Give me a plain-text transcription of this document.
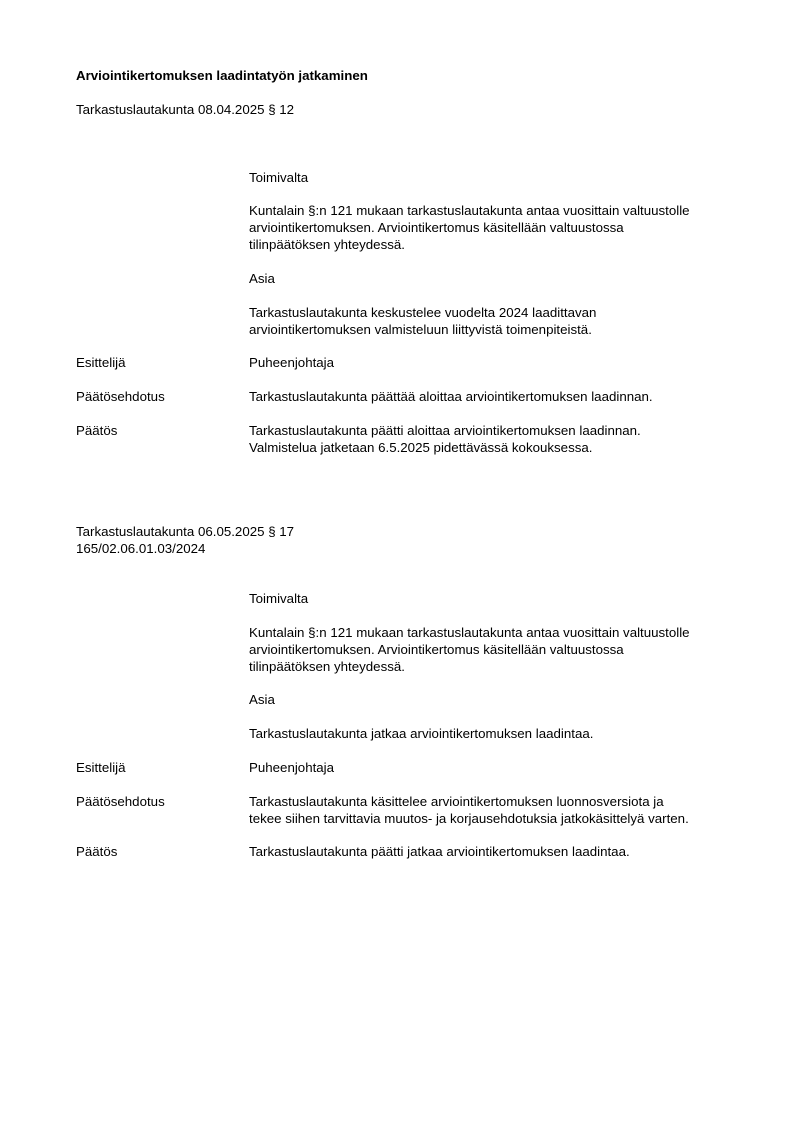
Arviointikertomuksen laadintatyön jatkaminen
Tarkastuslautakunta 08.04.2025 § 12
Toimivalta

Kuntalain §:n 121 mukaan tarkastuslautakunta antaa vuosittain valtuustolle

arviointikertomuksen. Arviointikertomus käsitellään valtuustossa

tilinpäätöksen yhteydessä.

Asia

Tarkastuslautakunta keskustelee vuodelta 2024 laadittavan

arviointikertomuksen valmisteluun liittyvistä toimenpiteistä.

Esittelijä	Puheenjohtaja
Päätösehdotus	Tarkastuslautakunta päättää aloittaa arviointikertomuksen laadinnan.
Päätös	Tarkastuslautakunta päätti aloittaa arviointikertomuksen laadinnan.

Valmistelua jatketaan 6.5.2025 pidettävässä kokouksessa.

Tarkastuslautakunta 06.05.2025 § 17
165/02.06.01.03/2024
Toimivalta

Kuntalain §:n 121 mukaan tarkastuslautakunta antaa vuosittain valtuustolle

arviointikertomuksen. Arviointikertomus käsitellään valtuustossa

tilinpäätöksen yhteydessä.

Asia
Tarkastuslautakunta jatkaa arviointikertomuksen laadintaa.
Esittelijä	Puheenjohtaja
Päätösehdotus	Tarkastuslautakunta käsittelee arviointikertomuksen luonnosversiota ja

tekee siihen tarvittavia muutos- ja korjausehdotuksia jatkokäsittelyä varten.

Päätös	Tarkastuslautakunta päätti jatkaa arviointikertomuksen laadintaa.
